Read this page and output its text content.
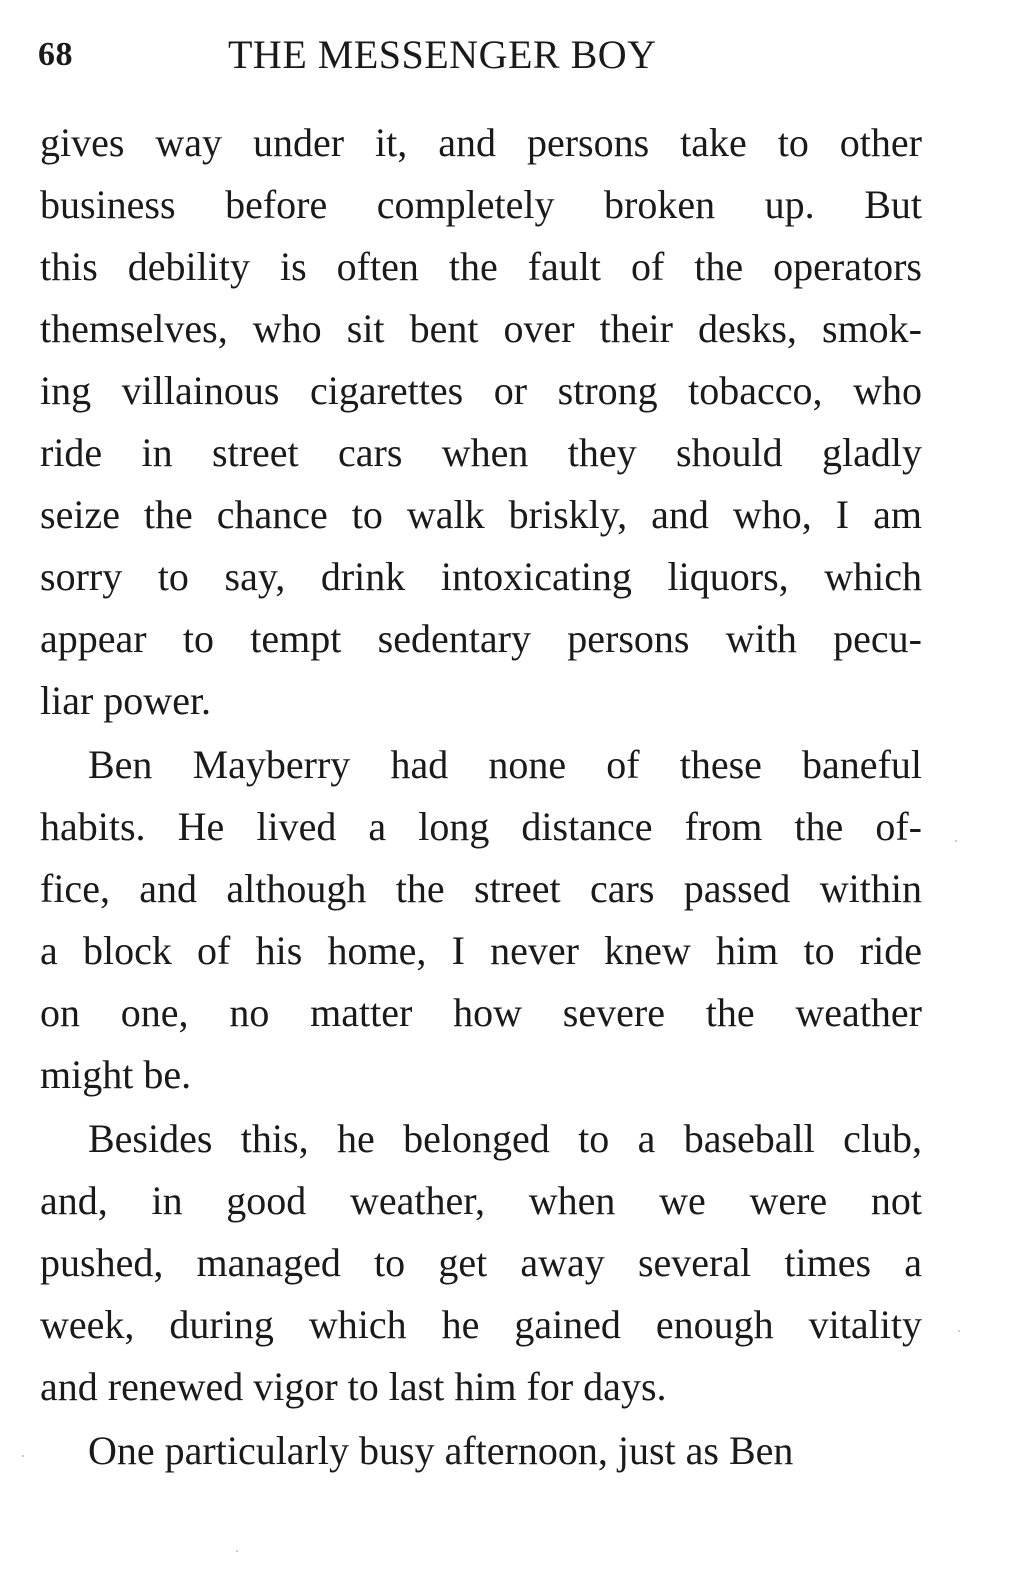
68	THE MESSENGER BOY
gives way under it, and persons take to other
business before completely broken up. But
this debility is often the fault of the operators
themselves, who sit bent over their desks, smok-
ing villainous cigarettes or strong tobacco, who
ride in street cars when they should gladly
seize the chance to walk briskly, and who, I am
sorry to say, drink intoxicating liquors, which
appear to tempt sedentary persons with pecu-
liar power.
Ben Mayberry had none of these baneful
habits. He lived a long distance from the of-
fice, and although the street cars passed within
a block of his home, I never knew him to ride
on one, no matter how severe the weather
might be.
Besides this, he belonged to a baseball club,
and, in good weather, when we were not
pushed, managed to get away several times a
week, during which he gained enough vitality
and renewed vigor to last him for days.
One particularly busy afternoon, just as Ben
